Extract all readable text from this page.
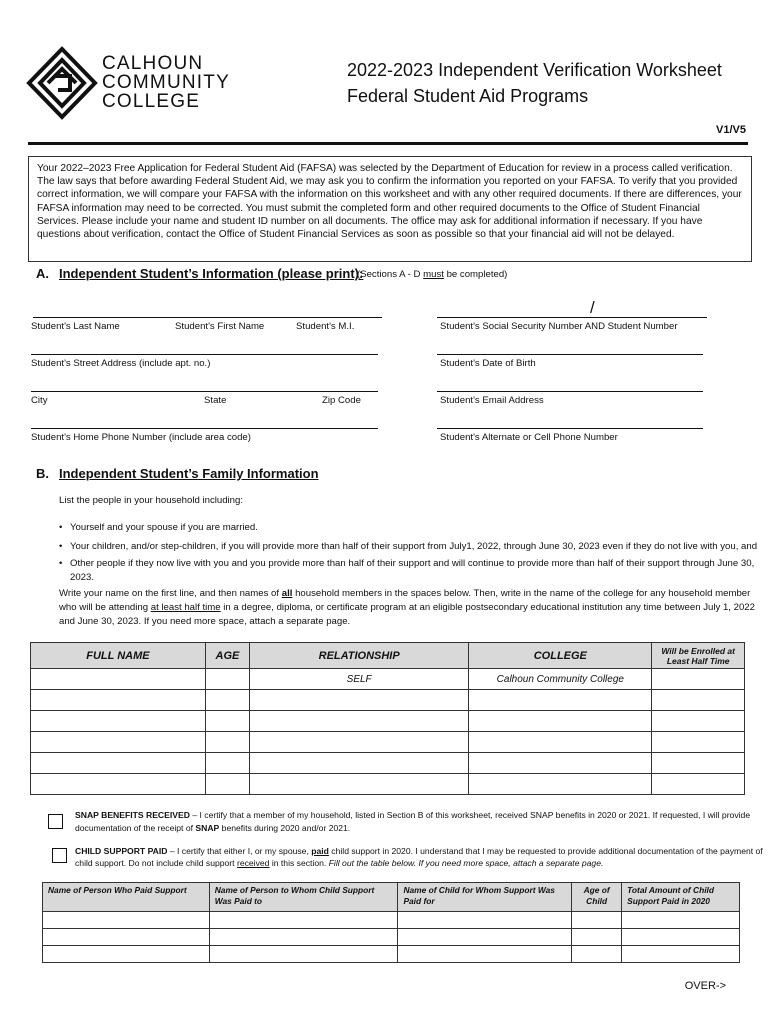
CALHOUN
COMMUNITY
COLLEGE
2022-2023 Independent Verification Worksheet
Federal Student Aid Programs
V1/V5
Your 2022–2023 Free Application for Federal Student Aid (FAFSA) was selected by the Department of Education for review in a process called verification. The law says that before awarding Federal Student Aid, we may ask you to confirm the information you reported on your FAFSA. To verify that you provided correct information, we will compare your FAFSA with the information on this worksheet and with any other required documents. If there are differences, your FAFSA information may need to be corrected. You must submit the completed form and other required documents to the Office of Student Financial Services. Please include your name and student ID number on all documents. The office may ask for additional information if necessary. If you have questions about verification, contact the Office of Student Financial Services as soon as possible so that your financial aid will not be delayed.
A. Independent Student’s Information (please print):
(Sections A - D must be completed)
Student's Last Name	Student's First Name	Student's M.I.
/
Student's Social Security Number AND Student Number
Student's Street Address (include apt. no.)	Student's Date of Birth
City	State	Zip Code	Student's Email Address
Student's Home Phone Number (include area code)	Student's Alternate or Cell Phone Number
B. Independent Student’s Family Information
List the people in your household including:
• Yourself and your spouse if you are married.
• Your children, and/or step-children, if you will provide more than half of their support from July1, 2022, through June 30, 2023 even if they do not live with you, and
• Other people if they now live with you and you provide more than half of their support and will continue to provide more than half of their support through June 30,
2023.
Write your name on the first line, and then names of all household members in the spaces below. Then, write in the name of the college for any household member
who will be attending at least half time in a degree, diploma, or certificate program at an eligible postsecondary educational institution any time between July 1, 2022
and June 30, 2023. If you need more space, attach a separate page.
FULL NAME	AGE	RELATIONSHIP	COLLEGE	Will be Enrolled at Least Half Time
		SELF	Calhoun Community College	

SNAP BENEFITS RECEIVED – I certify that a member of my household, listed in Section B of this worksheet, received SNAP benefits in 2020 or 2021. If requested, I will provide
documentation of the receipt of SNAP benefits during 2020 and/or 2021.
CHILD SUPPORT PAID – I certify that either I, or my spouse, paid child support in 2020. I understand that I may be requested to provide additional documentation of the payment of
child support. Do not include child support received in this section. Fill out the table below. If you need more space, attach a separate page.
Name of Person Who Paid Support	Name of Person to Whom Child Support Was Paid to	Name of Child for Whom Support Was Paid for	Age of Child	Total Amount of Child Support Paid in 2020

OVER->
